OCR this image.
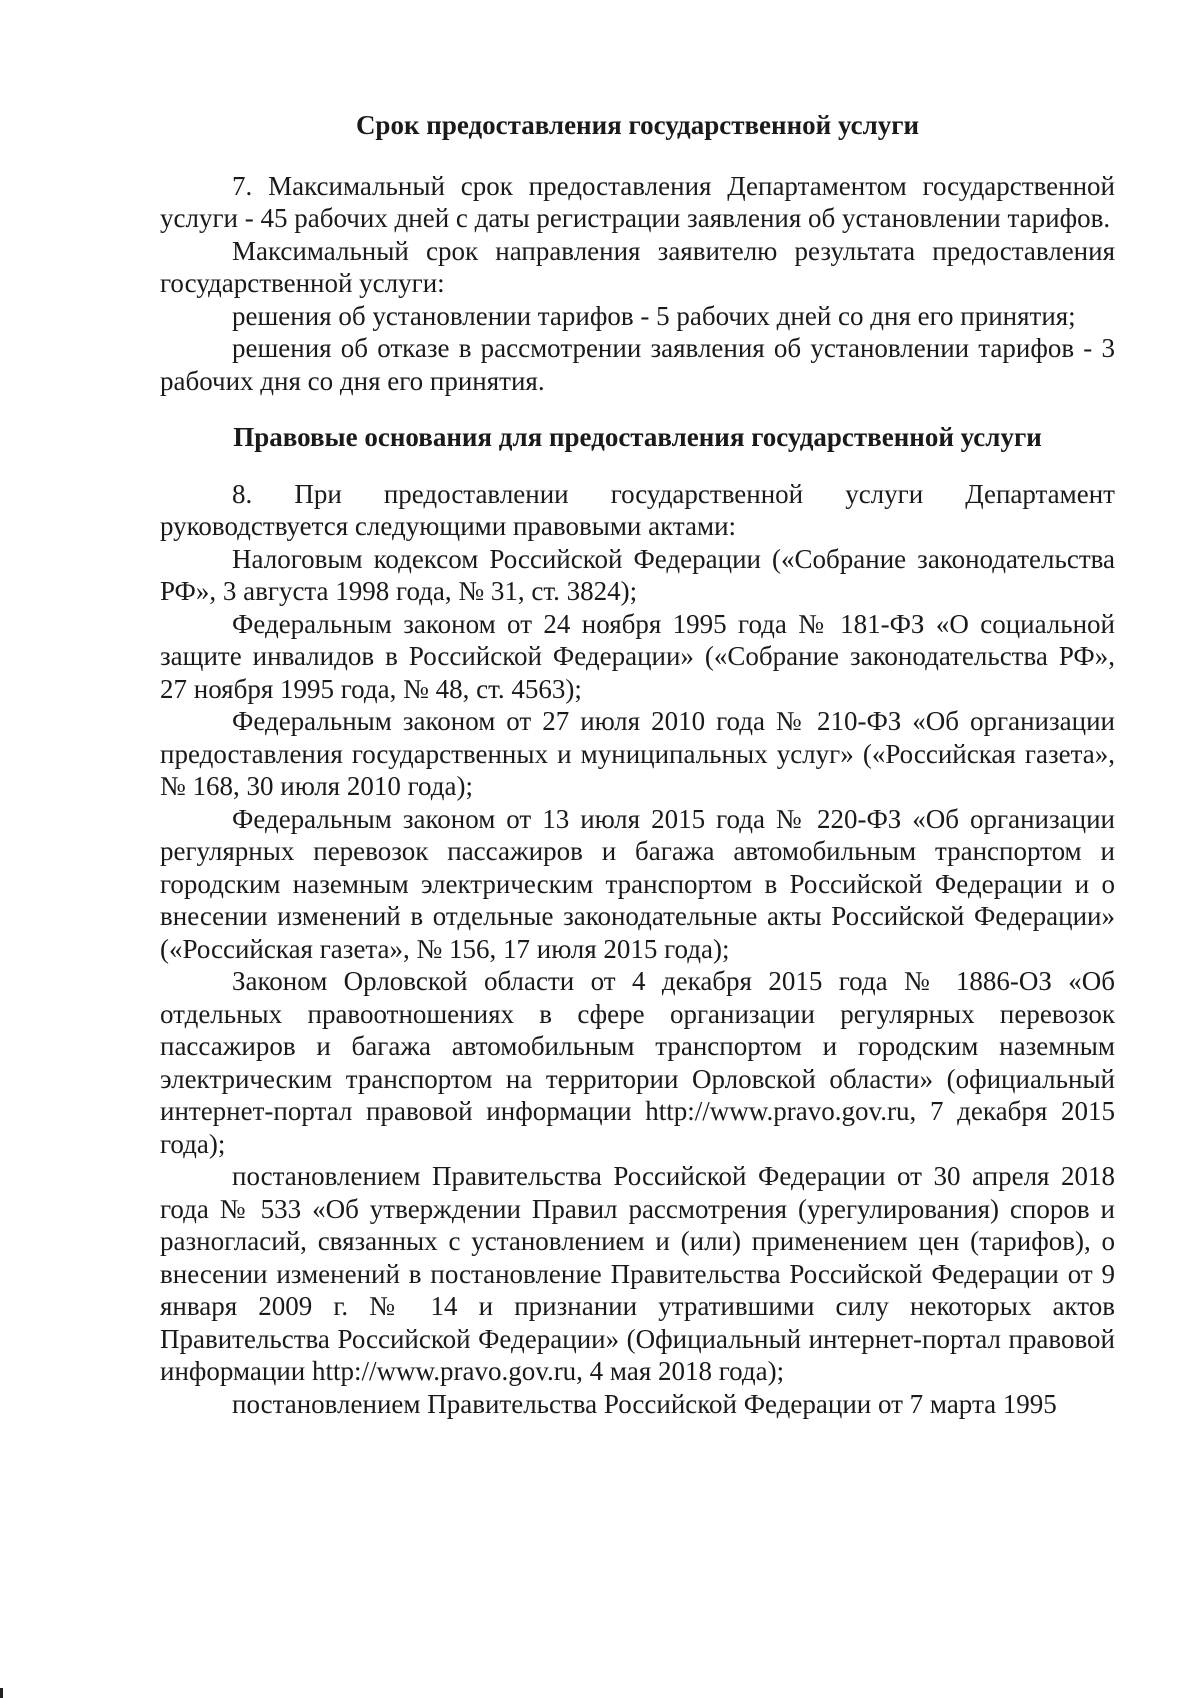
Срок предоставления государственной услуги

7. Максимальный срок предоставления Департаментом государственной услуги - 45 рабочих дней с даты регистрации заявления об установлении тарифов.

Максимальный срок направления заявителю результата предоставления государственной услуги:

решения об установлении тарифов - 5 рабочих дней со дня его принятия;

решения об отказе в рассмотрении заявления об установлении тарифов - 3 рабочих дня со дня его принятия.

Правовые основания для предоставления государственной услуги

8. При предоставлении государственной услуги Департамент руководствуется следующими правовыми актами:

Налоговым кодексом Российской Федерации («Собрание законодательства РФ», 3 августа 1998 года, № 31, ст. 3824);

Федеральным законом от 24 ноября 1995 года № 181-ФЗ «О социальной защите инвалидов в Российской Федерации» («Собрание законодательства РФ», 27 ноября 1995 года, № 48, ст. 4563);

Федеральным законом от 27 июля 2010 года № 210-ФЗ «Об организации предоставления государственных и муниципальных услуг» («Российская газета», № 168, 30 июля 2010 года);

Федеральным законом от 13 июля 2015 года № 220-ФЗ «Об организации регулярных перевозок пассажиров и багажа автомобильным транспортом и городским наземным электрическим транспортом в Российской Федерации и о внесении изменений в отдельные законодательные акты Российской Федерации» («Российская газета», № 156, 17 июля 2015 года);

Законом Орловской области от 4 декабря 2015 года № 1886-ОЗ «Об отдельных правоотношениях в сфере организации регулярных перевозок пассажиров и багажа автомобильным транспортом и городским наземным электрическим транспортом на территории Орловской области» (официальный интернет-портал правовой информации http://www.pravo.gov.ru, 7 декабря 2015 года);

постановлением Правительства Российской Федерации от 30 апреля 2018 года № 533 «Об утверждении Правил рассмотрения (урегулирования) споров и разногласий, связанных с установлением и (или) применением цен (тарифов), о внесении изменений в постановление Правительства Российской Федерации от 9 января 2009 г. № 14 и признании утратившими силу некоторых актов Правительства Российской Федерации» (Официальный интернет-портал правовой информации http://www.pravo.gov.ru, 4 мая 2018 года);

постановлением Правительства Российской Федерации от 7 марта 1995
